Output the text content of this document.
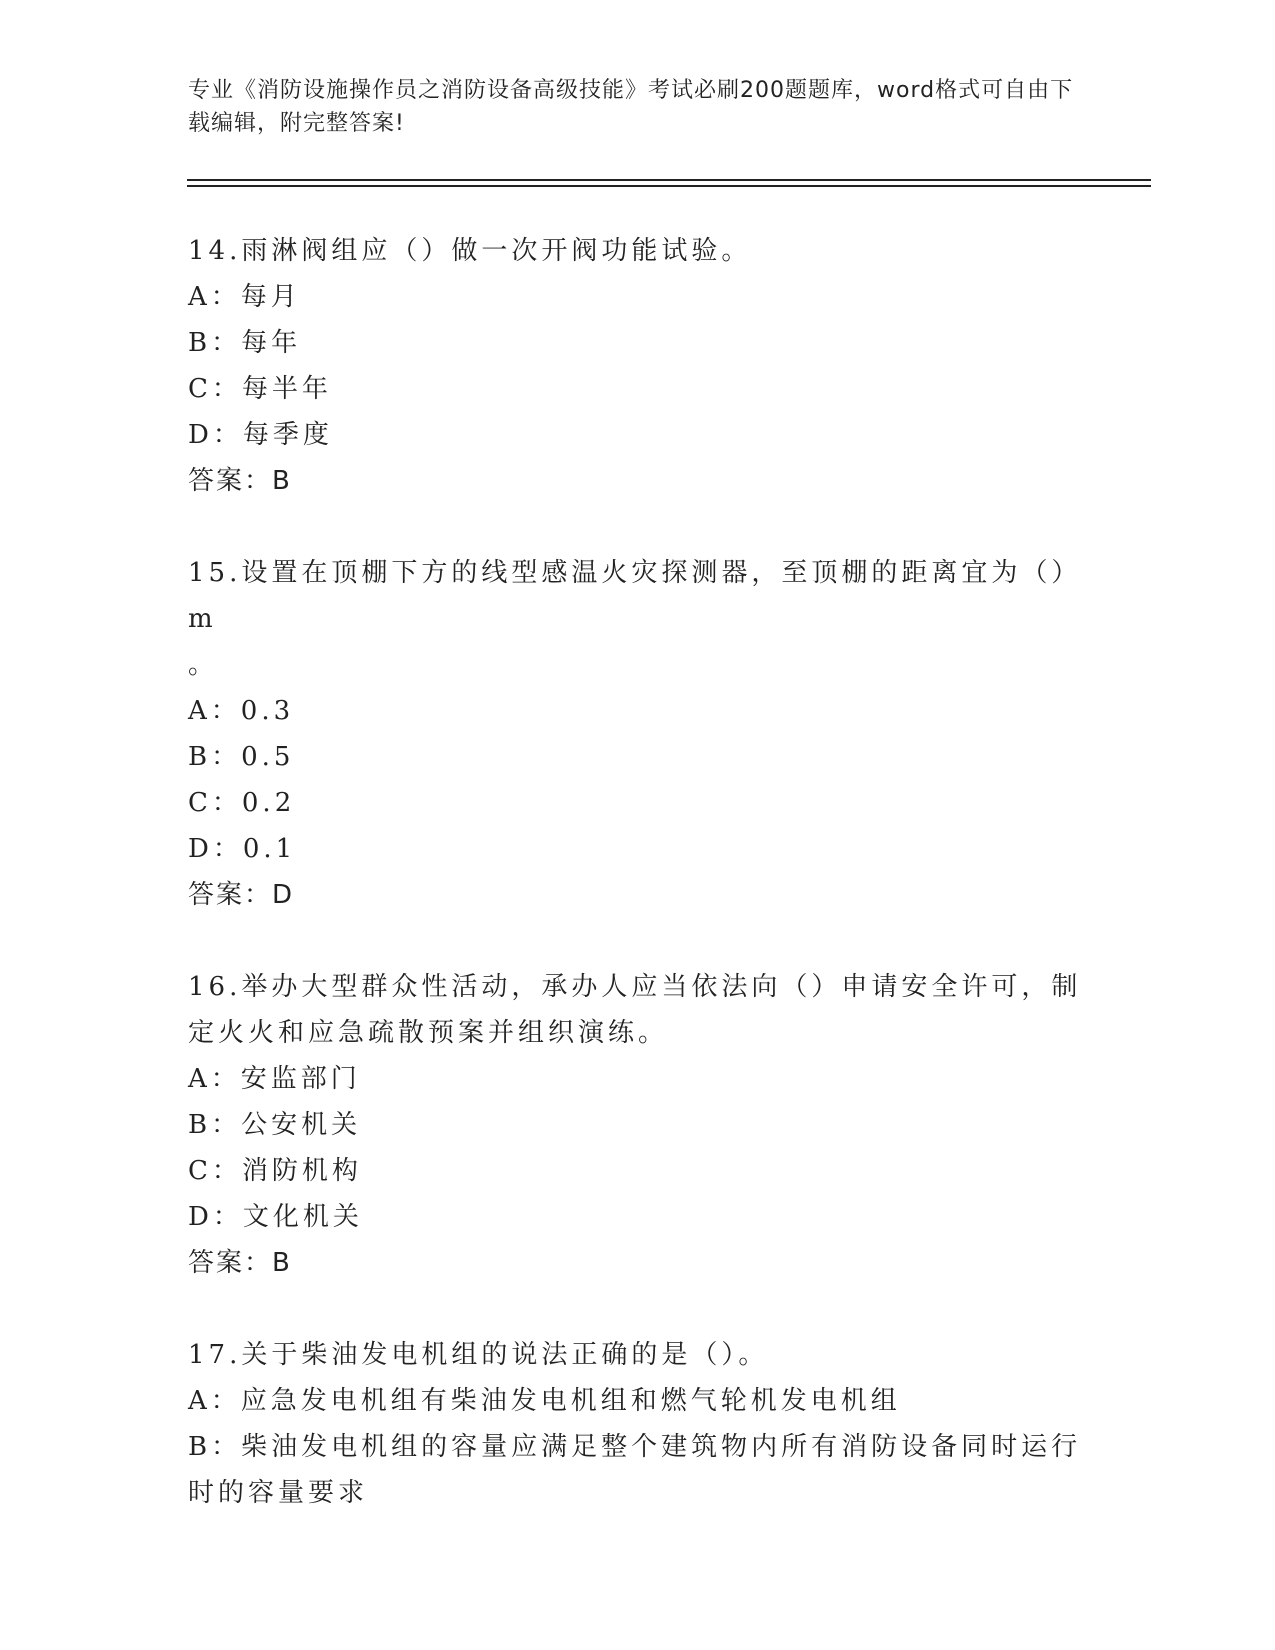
专业《消防设施操作员之消防设备高级技能》考试必刷200题题库，word格式可自由下载编辑，附完整答案!

14.雨淋阀组应（）做一次开阀功能试验。

A：每月
B：每年
C：每半年
D：每季度
答案：B

15.设置在顶棚下方的线型感温火灾探测器，至顶棚的距离宜为（）m
。

A：0.3
B：0.5
C：0.2
D：0.1
答案：D

16.举办大型群众性活动，承办人应当依法向（）申请安全许可，制定火火和应急疏散预案并组织演练。

A：安监部门
B：公安机关
C：消防机构
D：文化机关
答案：B

17.关于柴油发电机组的说法正确的是（）。

A：应急发电机组有柴油发电机组和燃气轮机发电机组
B：柴油发电机组的容量应满足整个建筑物内所有消防设备同时运行时的容量要求
